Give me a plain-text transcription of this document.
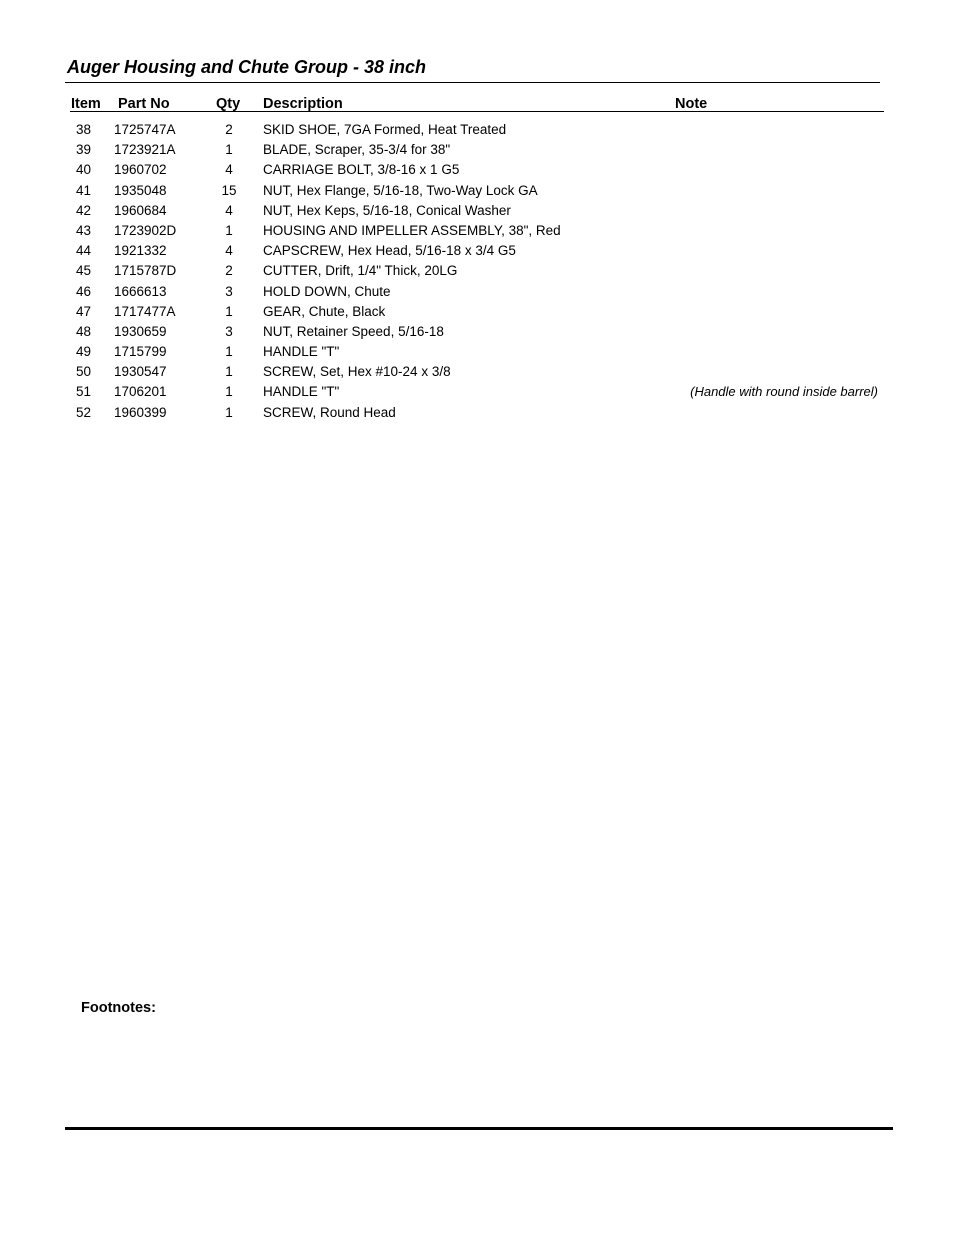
Auger Housing and Chute Group - 38 inch
Item Part No	Qty Description	Note
38 1725747A	2	SKID SHOE, 7GA Formed, Heat Treated
39 1723921A	1	BLADE, Scraper, 35-3/4 for 38"
40 1960702	4	CARRIAGE BOLT, 3/8-16 x 1 G5
41 1935048	15	NUT, Hex Flange, 5/16-18, Two-Way Lock GA
42 1960684	4	NUT, Hex Keps, 5/16-18, Conical Washer
43 1723902D	1	HOUSING AND IMPELLER ASSEMBLY, 38", Red
44 1921332	4	CAPSCREW, Hex Head, 5/16-18 x 3/4 G5
45 1715787D	2	CUTTER, Drift, 1/4" Thick, 20LG
46 1666613	3	HOLD DOWN, Chute
47 1717477A	1	GEAR, Chute, Black
48 1930659	3	NUT, Retainer Speed, 5/16-18
49 1715799	1	HANDLE "T"
50 1930547	1	SCREW, Set, Hex #10-24 x 3/8
51 1706201	1	HANDLE "T"	(Handle with round inside barrel)
52 1960399	1	SCREW, Round Head
Footnotes:
